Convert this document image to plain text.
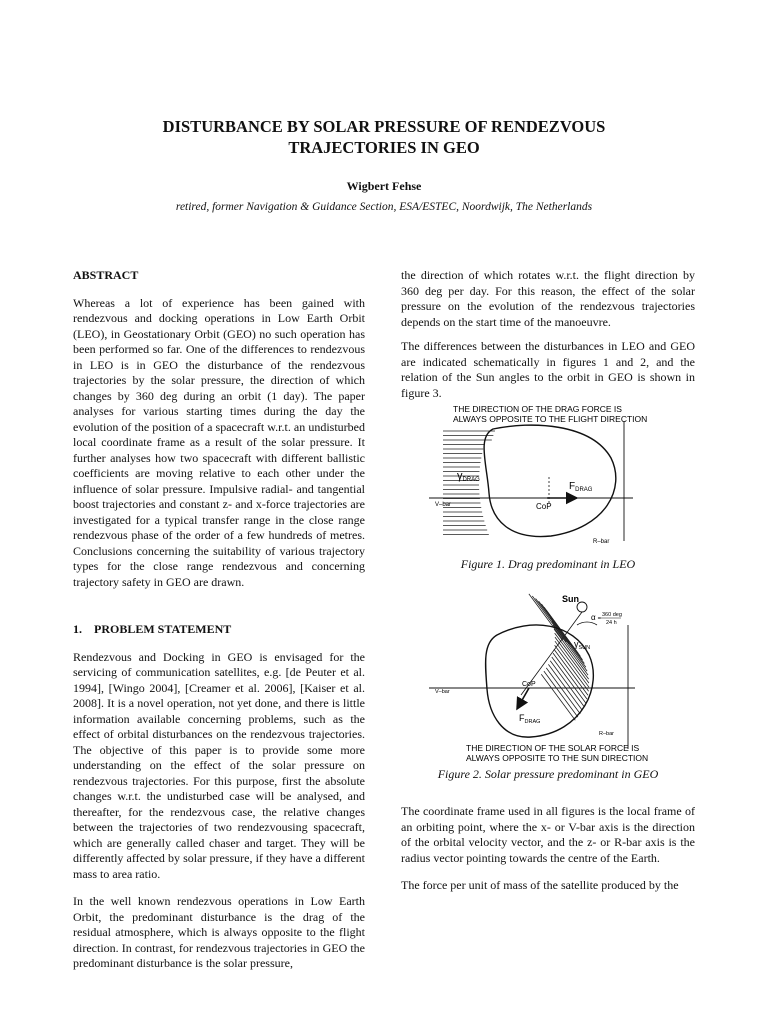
DISTURBANCE BY SOLAR PRESSURE OF RENDEZVOUS
TRAJECTORIES IN GEO
Wigbert Fehse
retired, former Navigation & Guidance Section, ESA/ESTEC, Noordwijk, The Netherlands
ABSTRACT

Whereas a lot of experience has been gained with rendezvous and docking operations in Low Earth Orbit (LEO), in Geostationary Orbit (GEO) no such operation has been performed so far. One of the differences to rendezvous in LEO is in GEO the disturbance of the rendezvous trajectories by the solar pressure, the direction of which changes by 360 deg during an orbit (1 day). The paper analyses for various starting times during the day the evolution of the position of a spacecraft w.r.t. an undisturbed local coordinate frame as a result of the solar pressure. It further analyses how two spacecraft with different ballistic coefficients are moving relative to each other under the influence of solar pressure. Impulsive radial- and tangential boost trajectories and constant z- and x-force trajectories are investigated for a typical transfer range in the close range rendezvous phase of the order of a few hundreds of metres. Conclusions concerning the suitability of various trajectory types for the close range rendezvous and concerning trajectory safety in GEO are drawn.

1.    PROBLEM STATEMENT

Rendezvous and Docking in GEO is envisaged for the servicing of communication satellites, e.g. [de Peuter et al. 1994], [Wingo 2004], [Creamer et al. 2006], [Kaiser et al. 2008]. It is a novel operation, not yet done, and there is little information available concerning problems, such as the effect of orbital disturbances on the rendezvous trajectories. The objective of this paper is to provide some more understanding on the effect of the solar pressure on rendezvous trajectories. For this purpose, first the absolute changes w.r.t. the undisturbed case will be analysed, and thereafter, for the rendezvous case, the relative changes between the trajectories of two rendezvousing spacecraft, which are generally called chaser and target. They will be differently affected by solar pressure, if they have a different mass to area ratio.

In the well known rendezvous operations in Low Earth Orbit, the predominant disturbance is the drag of the residual atmosphere, which is always opposite to the flight direction. In contrast, for rendezvous trajectories in GEO the predominant disturbance is the solar pressure,

the direction of which rotates w.r.t. the flight direction by 360 deg per day. For this reason, the effect of the solar pressure on the evolution of the rendezvous trajectories depends on the start time of the manoeuvre.

The differences between the disturbances in LEO and GEO are indicated schematically in figures 1 and 2, and the relation of the Sun angles to the orbit in GEO is shown in figure 3.

THE DIRECTION OF THE DRAG FORCE IS
ALWAYS OPPOSITE TO THE FLIGHT DIRECTION
γDRAG
$F_{DRAG}$
CoP
V–bar
R–bar
Figure 1. Drag predominant in LEO
Sun
α =
360 deg
24 h
$\gamma_{SUN}$
$F_{DRAG}$
CoP
V–bar
R–bar
THE DIRECTION OF THE SOLAR FORCE IS
ALWAYS OPPOSITE TO THE SUN DIRECTION
Figure 2. Solar pressure predominant in GEO

The coordinate frame used in all figures is the local frame of an orbiting point, where the x- or V-bar axis is the direction of the orbital velocity vector, and the z- or R-bar axis is the radius vector pointing towards the centre of the Earth.

The force per unit of mass of the satellite produced by the
